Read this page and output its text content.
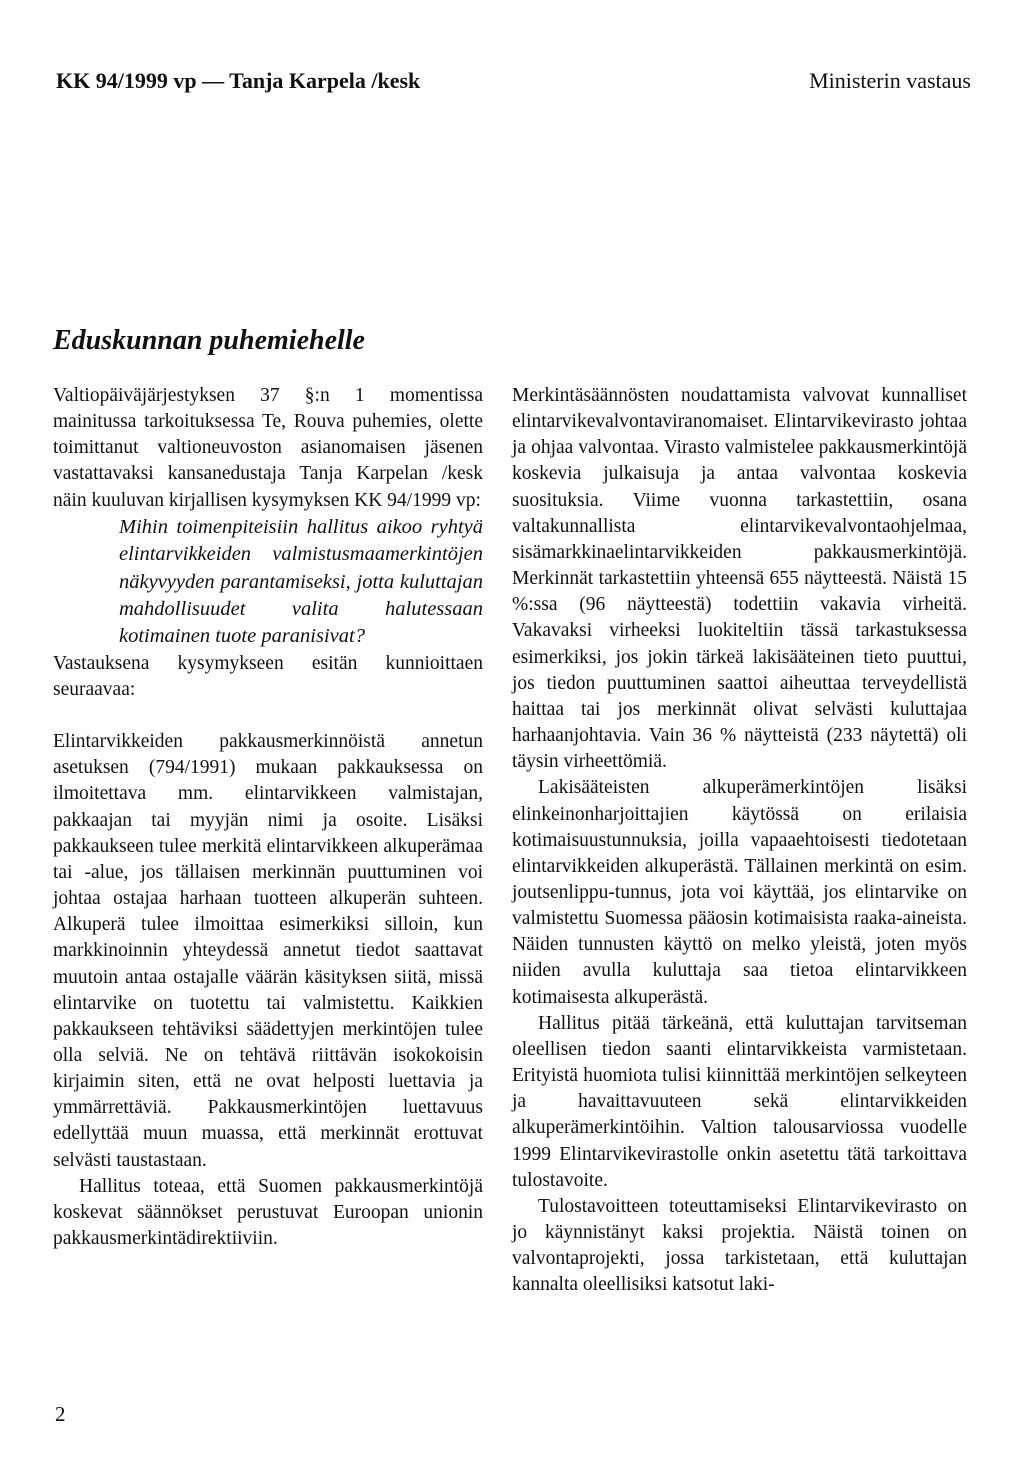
KK 94/1999 vp — Tanja Karpela /kesk	Ministerin vastaus
Eduskunnan puhemiehelle

Valtiopäiväjärjestyksen 37 §:n 1 momentissa mainitussa tarkoituksessa Te, Rouva puhemies, olette toimittanut valtioneuvoston asianomaisen jäsenen vastattavaksi kansanedustaja Tanja Karpelan /kesk näin kuuluvan kirjallisen kysymyksen KK 94/1999 vp:

Mihin toimenpiteisiin hallitus aikoo ryhtyä elintarvikkeiden valmistusmaamerkintöjen näkyvyyden parantamiseksi, jotta kuluttajan mahdollisuudet valita halutessaan kotimainen tuote paranisivat?

Vastauksena kysymykseen esitän kunnioittaen seuraavaa:

Elintarvikkeiden pakkausmerkinnöistä annetun asetuksen (794/1991) mukaan pakkauksessa on ilmoitettava mm. elintarvikkeen valmistajan, pakkaajan tai myyjän nimi ja osoite. Lisäksi pakkaukseen tulee merkitä elintarvikkeen alkuperämaa tai -alue, jos tällaisen merkinnän puuttuminen voi johtaa ostajaa harhaan tuotteen alkuperän suhteen. Alkuperä tulee ilmoittaa esimerkiksi silloin, kun markkinoinnin yhteydessä annetut tiedot saattavat muutoin antaa ostajalle väärän käsityksen siitä, missä elintarvike on tuotettu tai valmistettu. Kaikkien pakkaukseen tehtäviksi säädettyjen merkintöjen tulee olla selviä. Ne on tehtävä riittävän isokokoisin kirjaimin siten, että ne ovat helposti luettavia ja ymmärrettäviä. Pakkausmerkintöjen luettavuus edellyttää muun muassa, että merkinnät erottuvat selvästi taustastaan.

Hallitus toteaa, että Suomen pakkausmerkintöjä koskevat säännökset perustuvat Euroopan unionin pakkausmerkintädirektiiviin.

Merkintäsäännösten noudattamista valvovat kunnalliset elintarvikevalvontaviranomaiset. Elintarvikevirasto johtaa ja ohjaa valvontaa. Virasto valmistelee pakkausmerkintöjä koskevia julkaisuja ja antaa valvontaa koskevia suosituksia. Viime vuonna tarkastettiin, osana valtakunnallista elintarvikevalvontaohjelmaa, sisämarkkinaelintarvikkeiden pakkausmerkintöjä. Merkinnät tarkastettiin yhteensä 655 näytteestä. Näistä 15 %:ssa (96 näytteestä) todettiin vakavia virheitä. Vakavaksi virheeksi luokiteltiin tässä tarkastuksessa esimerkiksi, jos jokin tärkeä lakisääteinen tieto puuttui, jos tiedon puuttuminen saattoi aiheuttaa terveydellistä haittaa tai jos merkinnät olivat selvästi kuluttajaa harhaanjohtavia. Vain 36 % näytteistä (233 näytettä) oli täysin virheettömiä.

Lakisääteisten alkuperämerkintöjen lisäksi elinkeinonharjoittajien käytössä on erilaisia kotimaisuustunnuksia, joilla vapaaehtoisesti tiedotetaan elintarvikkeiden alkuperästä. Tällainen merkintä on esim. joutsenlippu-tunnus, jota voi käyttää, jos elintarvike on valmistettu Suomessa pääosin kotimaisista raaka-aineista. Näiden tunnusten käyttö on melko yleistä, joten myös niiden avulla kuluttaja saa tietoa elintarvikkeen kotimaisesta alkuperästä.

Hallitus pitää tärkeänä, että kuluttajan tarvitseman oleellisen tiedon saanti elintarvikkeista varmistetaan. Erityistä huomiota tulisi kiinnittää merkintöjen selkeyteen ja havaittavuuteen sekä elintarvikkeiden alkuperämerkintöihin. Valtion talousarviossa vuodelle 1999 Elintarvikevirastolle onkin asetettu tätä tarkoittava tulostavoite.

Tulostavoitteen toteuttamiseksi Elintarvikevirasto on jo käynnistänyt kaksi projektia. Näistä toinen on valvontaprojekti, jossa tarkistetaan, että kuluttajan kannalta oleellisiksi katsotut laki-

2
